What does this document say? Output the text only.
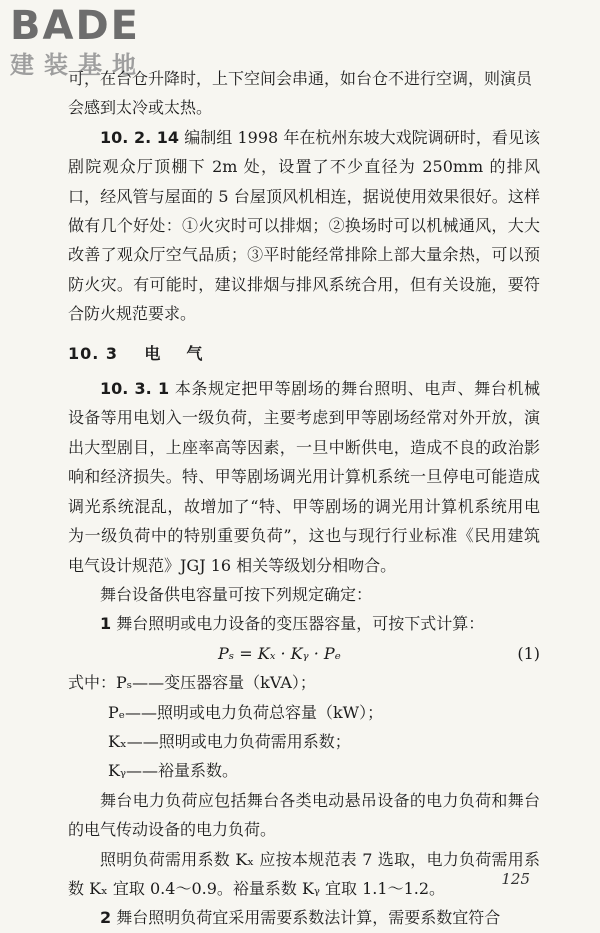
BADE
建装基地

可，在台仓升降时，上下空间会串通，如台仓不进行空调，则演员
会感到太冷或太热。

10. 2. 14 编制组 1998 年在杭州东坡大戏院调研时，看见该剧院观众厅顶棚下 2m 处，设置了不少直径为 250mm 的排风口，经风管与屋面的 5 台屋顶风机相连，据说使用效果很好。这样做有几个好处：①火灾时可以排烟；②换场时可以机械通风，大大改善了观众厅空气品质；③平时能经常排除上部大量余热，可以预防火灾。有可能时，建议排烟与排风系统合用，但有关设施，要符合防火规范要求。

10. 3 电气

10. 3. 1 本条规定把甲等剧场的舞台照明、电声、舞台机械设备等用电划入一级负荷，主要考虑到甲等剧场经常对外开放，演出大型剧目，上座率高等因素，一旦中断供电，造成不良的政治影响和经济损失。特、甲等剧场调光用计算机系统一旦停电可能造成调光系统混乱，故增加了“特、甲等剧场的调光用计算机系统用电为一级负荷中的特别重要负荷”，这也与现行行业标准《民用建筑电气设计规范》JGJ 16 相关等级划分相吻合。

舞台设备供电容量可按下列规定确定：

1 舞台照明或电力设备的变压器容量，可按下式计算：

Pₛ = Kₓ · Kᵧ · Pₑ	(1)

式中：Pₛ——变压器容量（kVA）；

Pₑ——照明或电力负荷总容量（kW）；

Kₓ——照明或电力负荷需用系数；

Kᵧ——裕量系数。

舞台电力负荷应包括舞台各类电动悬吊设备的电力负荷和舞台的电气传动设备的电力负荷。

照明负荷需用系数 Kₓ 应按本规范表 7 选取，电力负荷需用系数 Kₓ 宜取 0.4～0.9。裕量系数 Kᵧ 宜取 1.1～1.2。

2 舞台照明负荷宜采用需要系数法计算，需要系数宜符合

125
